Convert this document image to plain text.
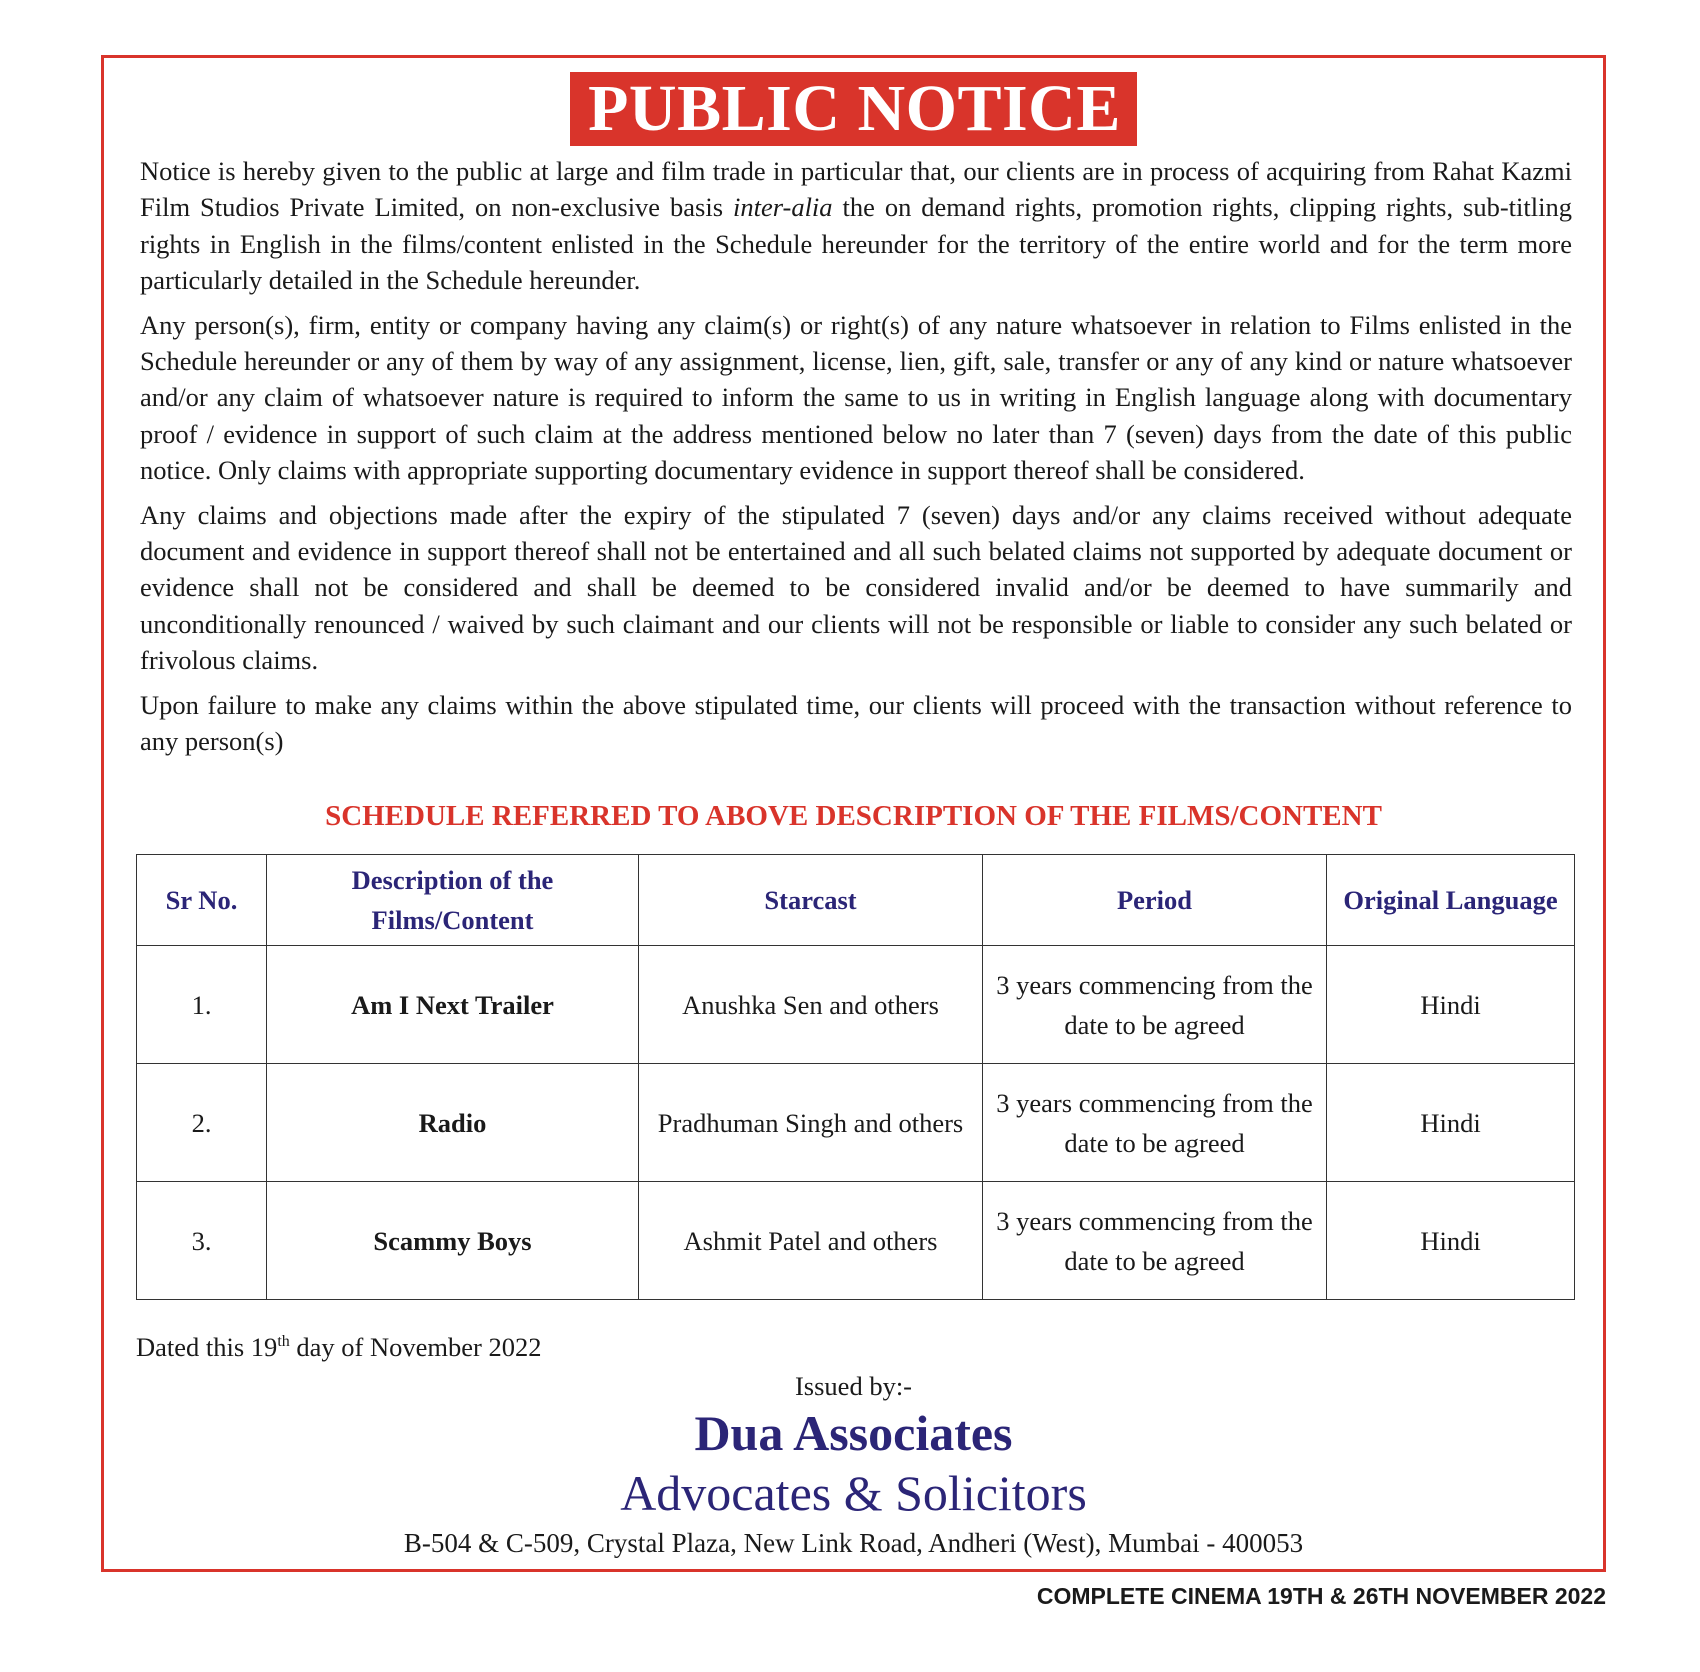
PUBLIC NOTICE

Notice is hereby given to the public at large and film trade in particular that, our clients are in process of acquiring from Rahat Kazmi Film Studios Private Limited, on non-exclusive basis inter-alia the on demand rights, promotion rights, clipping rights, sub-titling rights in English in the films/content enlisted in the Schedule hereunder for the territory of the entire world and for the term more particularly detailed in the Schedule hereunder.

Any person(s), firm, entity or company having any claim(s) or right(s) of any nature whatsoever in relation to Films enlisted in the Schedule hereunder or any of them by way of any assignment, license, lien, gift, sale, transfer or any of any kind or nature whatsoever and/or any claim of whatsoever nature is required to inform the same to us in writing in English language along with documentary proof / evidence in support of such claim at the address mentioned below no later than 7 (seven) days from the date of this public notice. Only claims with appropriate supporting documentary evidence in support thereof shall be considered.

Any claims and objections made after the expiry of the stipulated 7 (seven) days and/or any claims received without adequate document and evidence in support thereof shall not be entertained and all such belated claims not supported by adequate document or evidence shall not be considered and shall be deemed to be considered invalid and/or be deemed to have summarily and unconditionally renounced / waived by such claimant and our clients will not be responsible or liable to consider any such belated or frivolous claims.

Upon failure to make any claims within the above stipulated time, our clients will proceed with the transaction without reference to any person(s)

SCHEDULE REFERRED TO ABOVE DESCRIPTION OF THE FILMS/CONTENT
Sr No.	Description of the Films/Content	Starcast	Period	Original Language
1.	Am I Next Trailer	Anushka Sen and others	3 years commencing from the date to be agreed	Hindi
2.	Radio	Pradhuman Singh and others	3 years commencing from the date to be agreed	Hindi
3.	Scammy Boys	Ashmit Patel and others	3 years commencing from the date to be agreed	Hindi
Dated this 19th day of November 2022
Issued by:-
Dua Associates
Advocates & Solicitors
B-504 & C-509, Crystal Plaza, New Link Road, Andheri (West), Mumbai - 400053
COMPLETE CINEMA 19TH & 26TH NOVEMBER 2022
